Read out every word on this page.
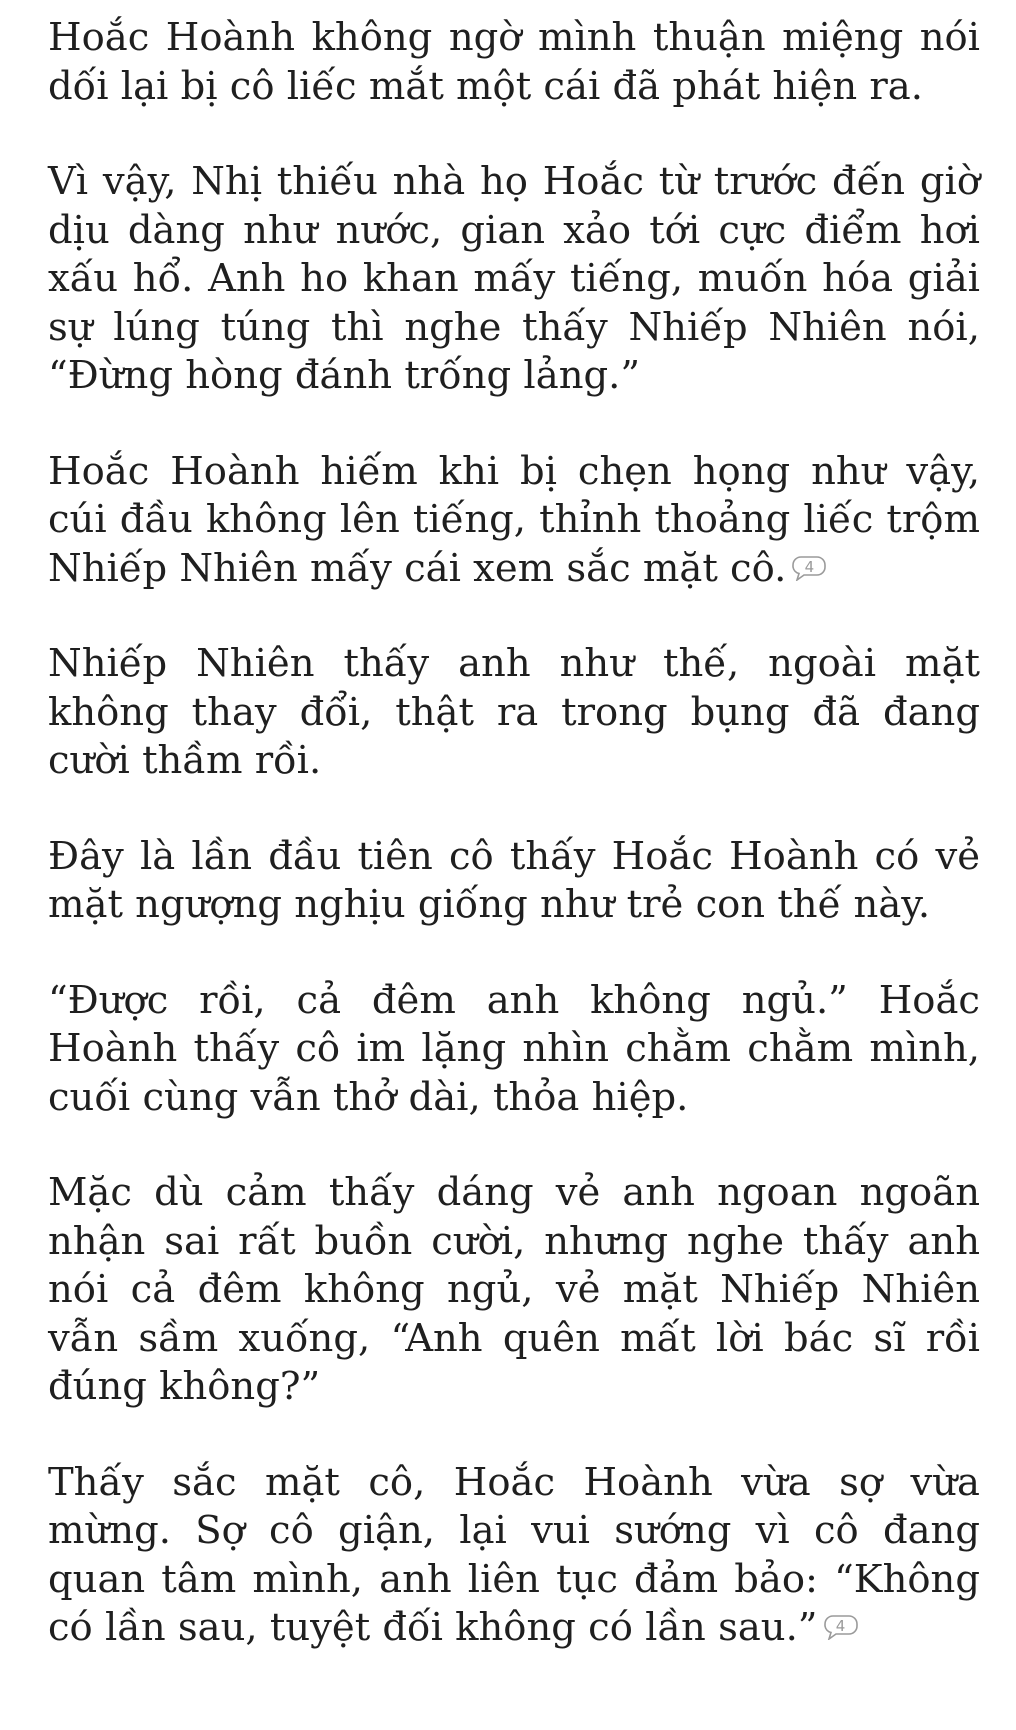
Hoắc Hoành không ngờ mình thuận miệng nói dối lại bị cô liếc mắt một cái đã phát hiện ra.

Vì vậy, Nhị thiếu nhà họ Hoắc từ trước đến giờ dịu dàng như nước, gian xảo tới cực điểm hơi xấu hổ. Anh ho khan mấy tiếng, muốn hóa giải sự lúng túng thì nghe thấy Nhiếp Nhiên nói, “Đừng hòng đánh trống lảng.”

Hoắc Hoành hiếm khi bị chẹn họng như vậy, cúi đầu không lên tiếng, thỉnh thoảng liếc trộm Nhiếp Nhiên mấy cái xem sắc mặt cô.	4

Nhiếp Nhiên thấy anh như thế, ngoài mặt không thay đổi, thật ra trong bụng đã đang cười thầm rồi.

Đây là lần đầu tiên cô thấy Hoắc Hoành có vẻ mặt ngượng nghịu giống như trẻ con thế này.

“Được rồi, cả đêm anh không ngủ.” Hoắc Hoành thấy cô im lặng nhìn chằm chằm mình, cuối cùng vẫn thở dài, thỏa hiệp.

Mặc dù cảm thấy dáng vẻ anh ngoan ngoãn nhận sai rất buồn cười, nhưng nghe thấy anh nói cả đêm không ngủ, vẻ mặt Nhiếp Nhiên vẫn sầm xuống, “Anh quên mất lời bác sĩ rồi đúng không?”

Thấy sắc mặt cô, Hoắc Hoành vừa sợ vừa mừng. Sợ cô giận, lại vui sướng vì cô đang quan tâm mình, anh liên tục đảm bảo: “Không có lần sau, tuyệt đối không có lần sau.”	4
